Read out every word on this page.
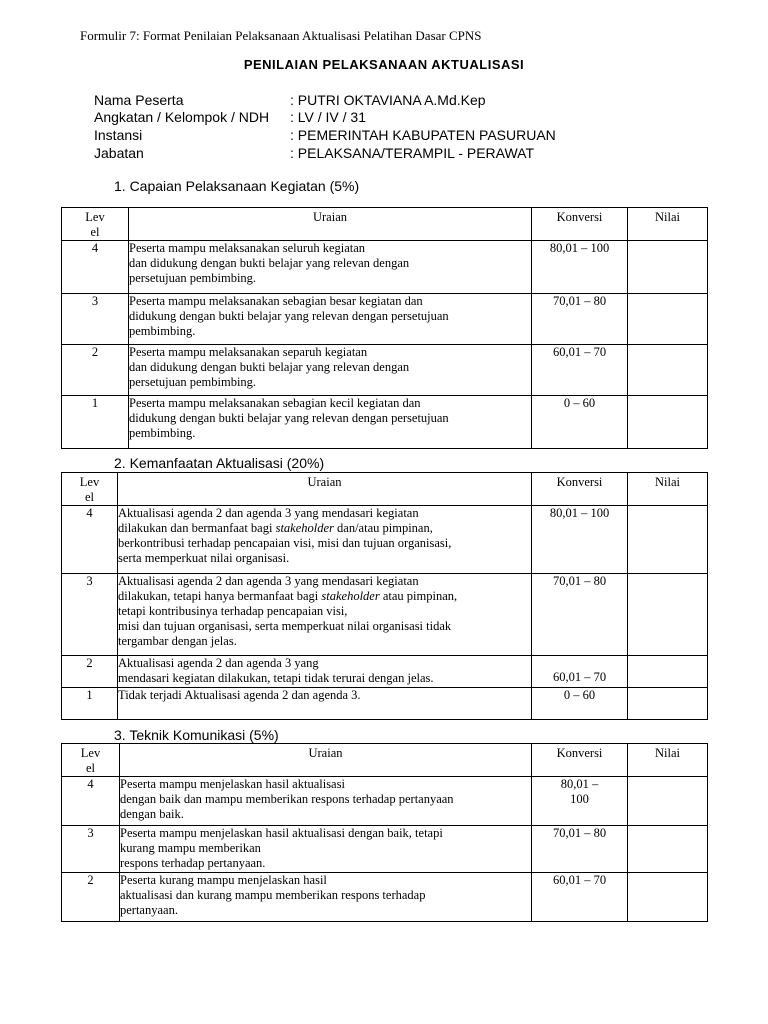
Formulir 7: Format Penilaian Pelaksanaan Aktualisasi Pelatihan Dasar CPNS
PENILAIAN PELAKSANAAN AKTUALISASI
Nama Peserta	: PUTRI OKTAVIANA A.Md.Kep
Angkatan / Kelompok / NDH : LV / IV / 31
Instansi	: PEMERINTAH KABUPATEN PASURUAN
Jabatan	: PELAKSANA/TERAMPIL - PERAWAT
1. Capaian Pelaksanaan Kegiatan (5%)
Lev
el	Uraian	Konversi	Nilai
4	Peserta mampu melaksanakan seluruh kegiatan
dan didukung dengan bukti belajar yang relevan dengan
persetujuan pembimbing.	80,01 – 100	
3	Peserta mampu melaksanakan sebagian besar kegiatan dan
didukung dengan bukti belajar yang relevan dengan persetujuan
pembimbing.	70,01 – 80	
2	Peserta mampu melaksanakan separuh kegiatan
dan didukung dengan bukti belajar yang relevan dengan
persetujuan pembimbing.	60,01 – 70	
1	Peserta mampu melaksanakan sebagian kecil kegiatan dan
didukung dengan bukti belajar yang relevan dengan persetujuan
pembimbing.	0 – 60	
2. Kemanfaatan Aktualisasi (20%)
Lev
el	Uraian	Konversi	Nilai
4	Aktualisasi agenda 2 dan agenda 3 yang mendasari kegiatan
dilakukan dan bermanfaat bagi stakeholder dan/atau pimpinan,
berkontribusi terhadap pencapaian visi, misi dan tujuan organisasi,
serta memperkuat nilai organisasi.	80,01 – 100	
3	Aktualisasi agenda 2 dan agenda 3 yang mendasari kegiatan
dilakukan, tetapi hanya bermanfaat bagi stakeholder atau pimpinan,
tetapi kontribusinya terhadap pencapaian visi,
misi dan tujuan organisasi, serta memperkuat nilai organisasi tidak
tergambar dengan jelas.	70,01 – 80	
2	Aktualisasi agenda 2 dan agenda 3 yang
mendasari kegiatan dilakukan, tetapi tidak terurai dengan jelas.	60,01 – 70	
1	Tidak terjadi Aktualisasi agenda 2 dan agenda 3.	0 – 60	
3. Teknik Komunikasi (5%)
Lev
el	Uraian	Konversi	Nilai
4	Peserta mampu menjelaskan hasil aktualisasi
dengan baik dan mampu memberikan respons terhadap pertanyaan
dengan baik.	80,01 –
100	

3	Peserta mampu menjelaskan hasil aktualisasi dengan baik, tetapi
kurang mampu memberikan
respons terhadap pertanyaan.	70,01 – 80	
2	Peserta kurang mampu menjelaskan hasil
aktualisasi dan kurang mampu memberikan respons terhadap
pertanyaan.	60,01 – 70	
